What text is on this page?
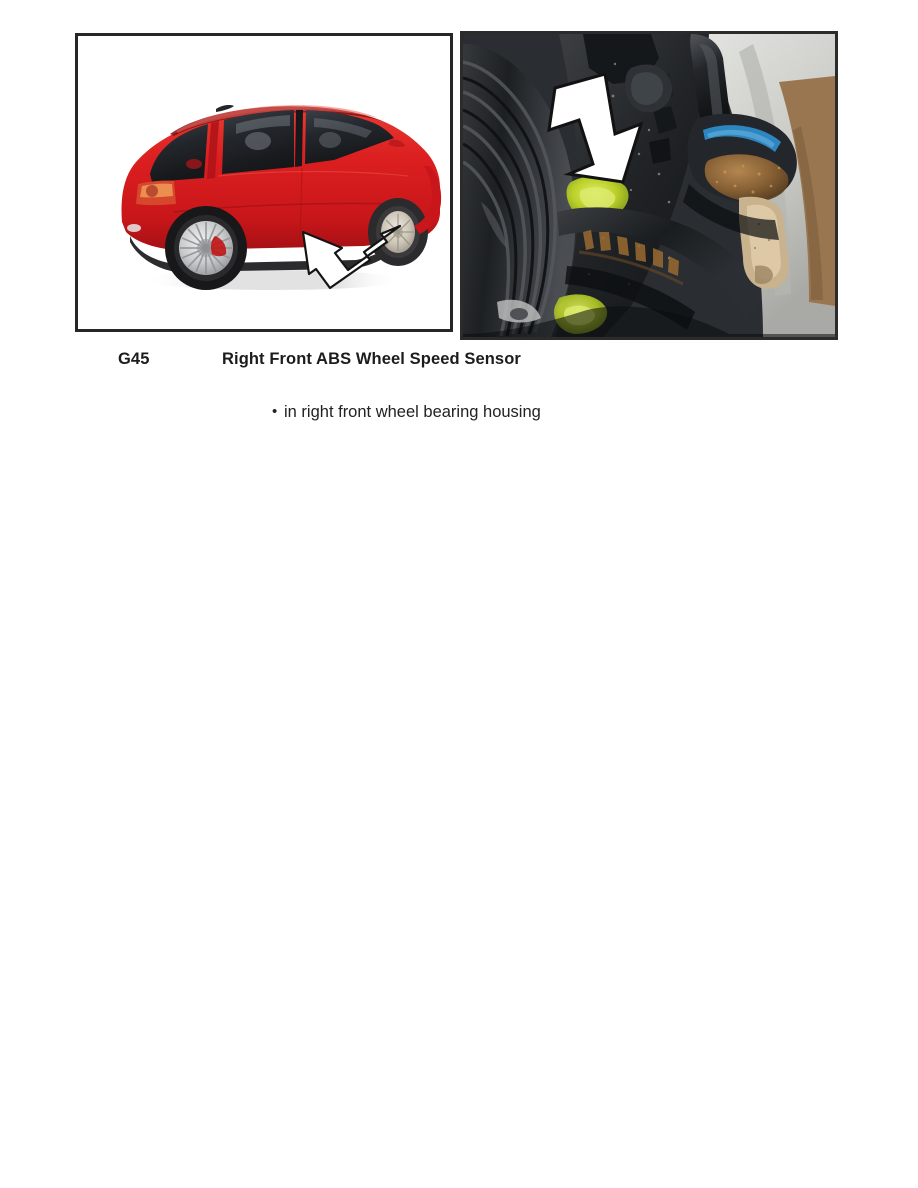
G45	Right Front ABS Wheel Speed Sensor
• in right front wheel bearing housing
